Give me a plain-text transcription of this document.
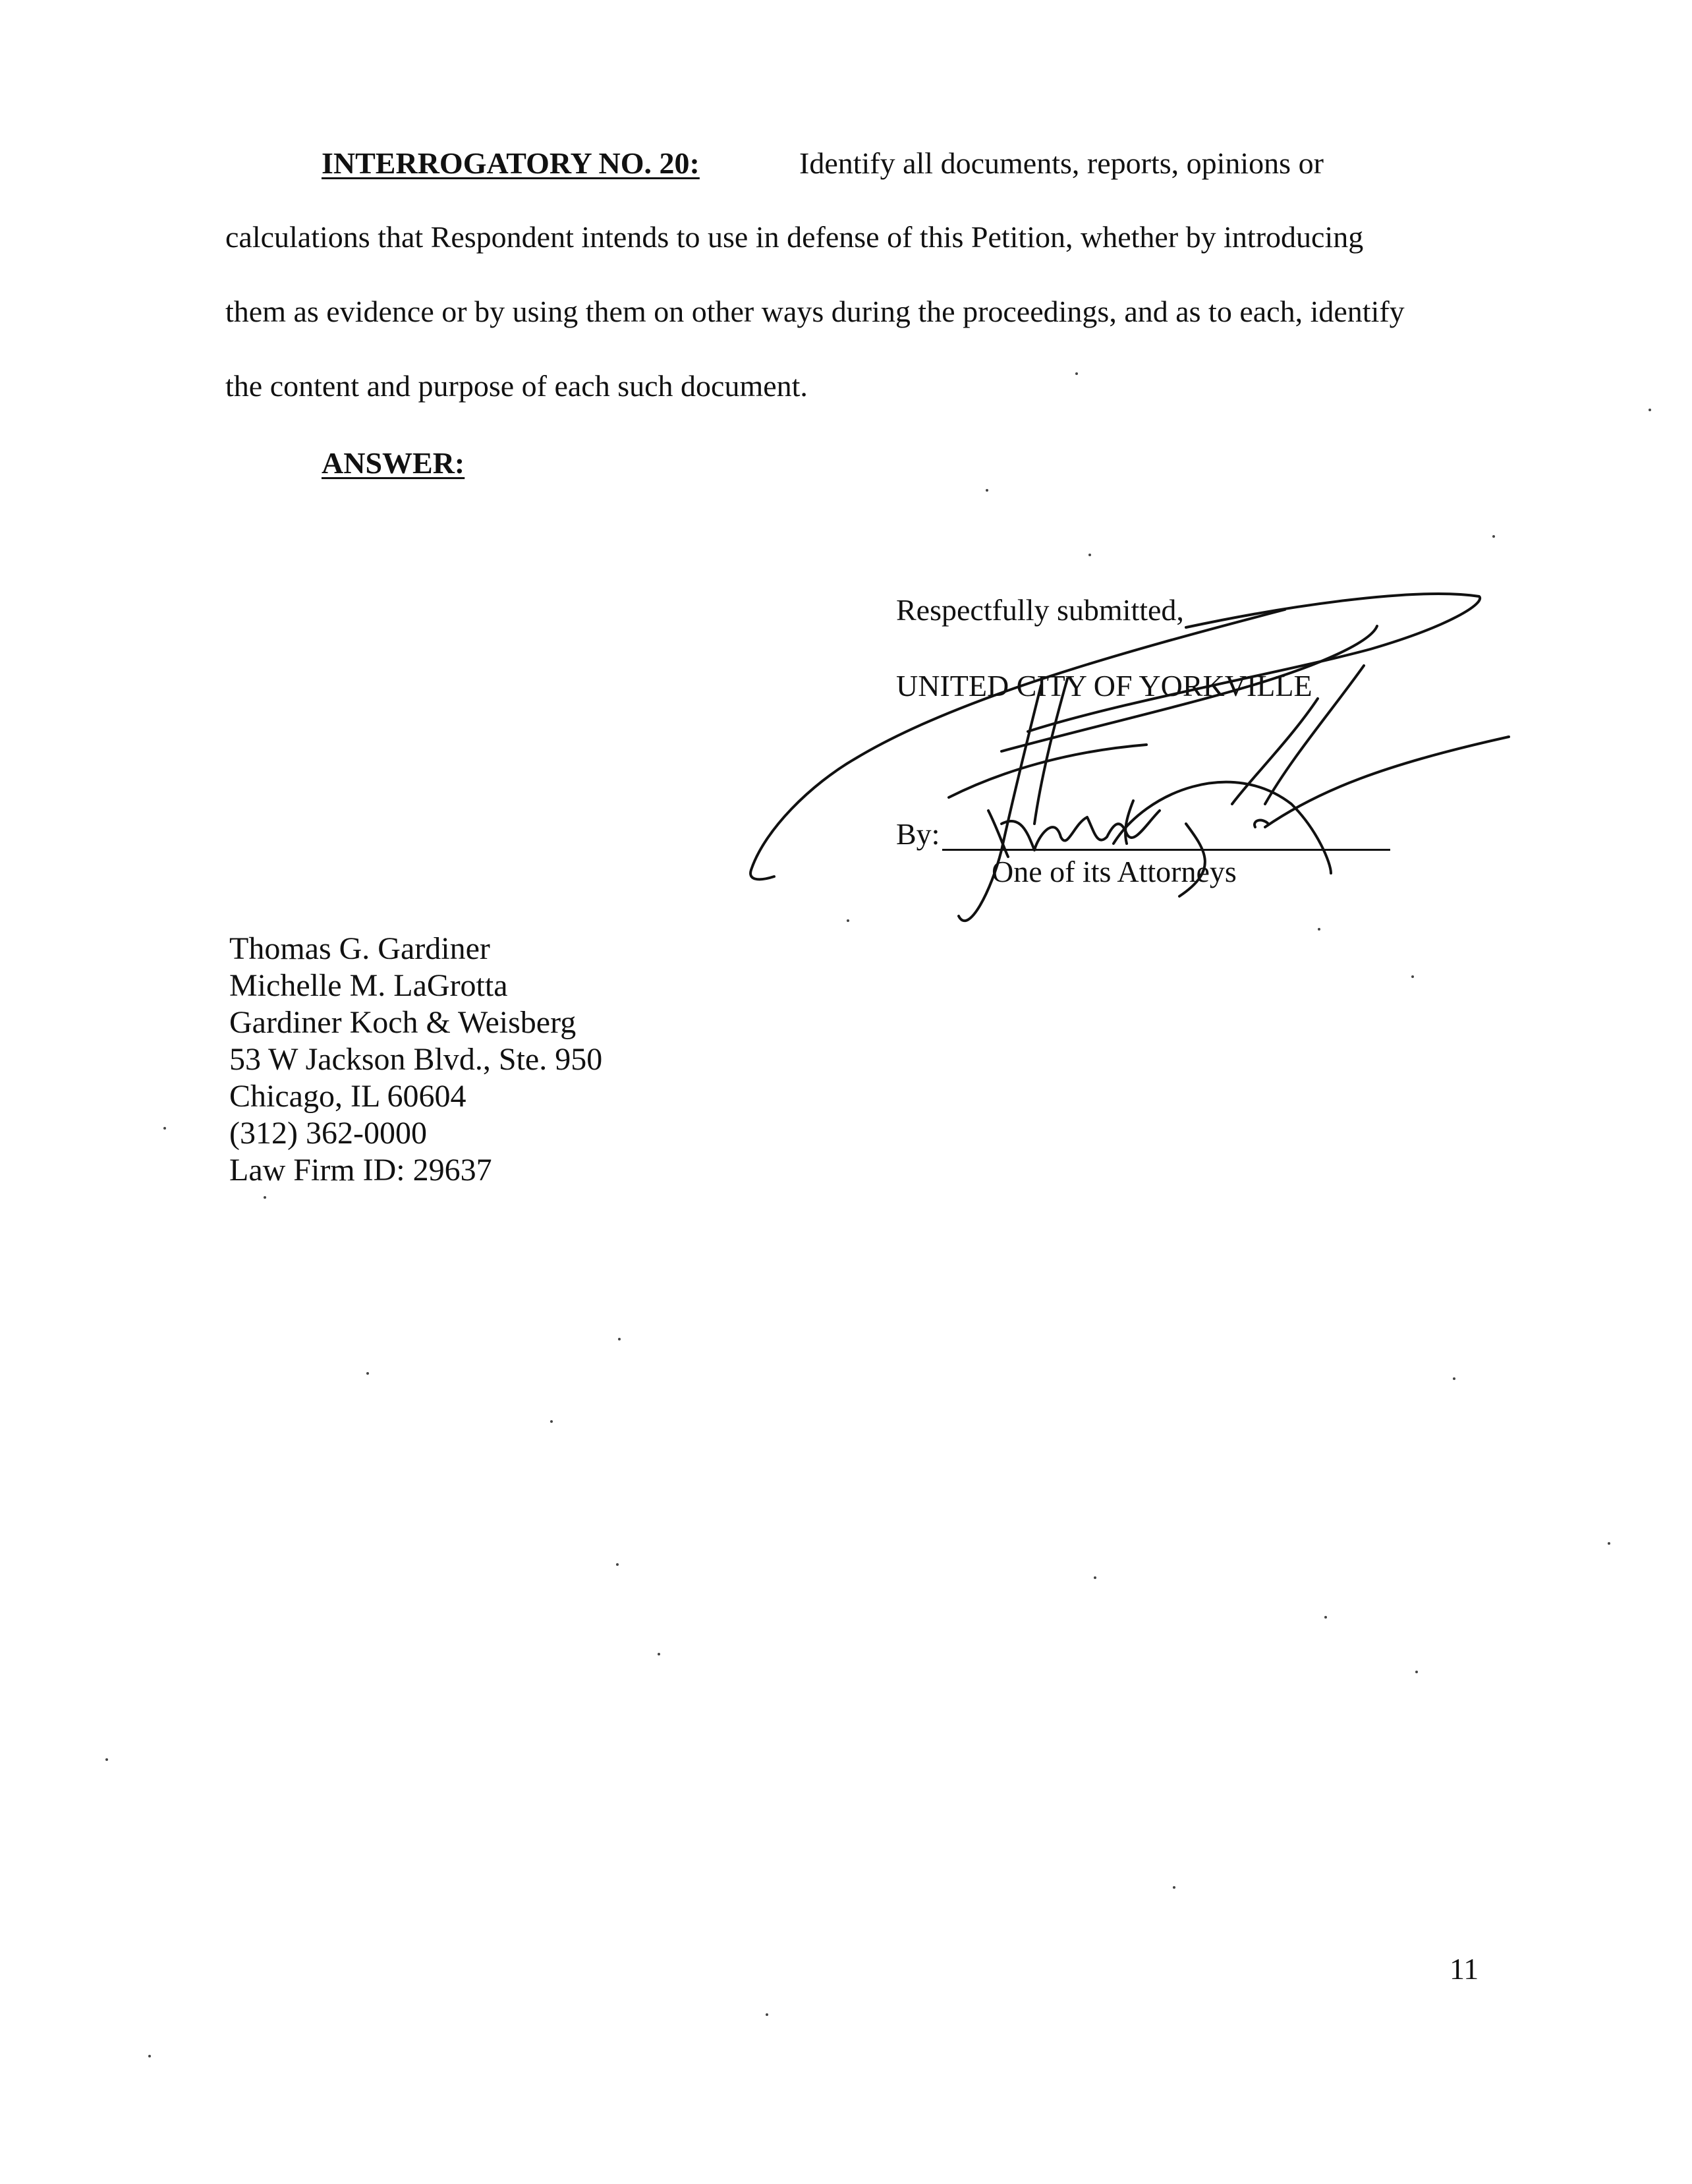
INTERROGATORY NO. 20:	Identify all documents, reports, opinions or
calculations that Respondent intends to use in defense of this Petition, whether by introducing
them as evidence or by using them on other ways during the proceedings, and as to each, identify
the content and purpose of each such document.
ANSWER:
Respectfully submitted,
UNITED CITY OF YORKVILLE
By:
One of its Attorneys
Thomas G. Gardiner
Michelle M. LaGrotta
Gardiner Koch & Weisberg
53 W Jackson Blvd., Ste. 950
Chicago, IL 60604
(312) 362-0000
Law Firm ID: 29637
11
